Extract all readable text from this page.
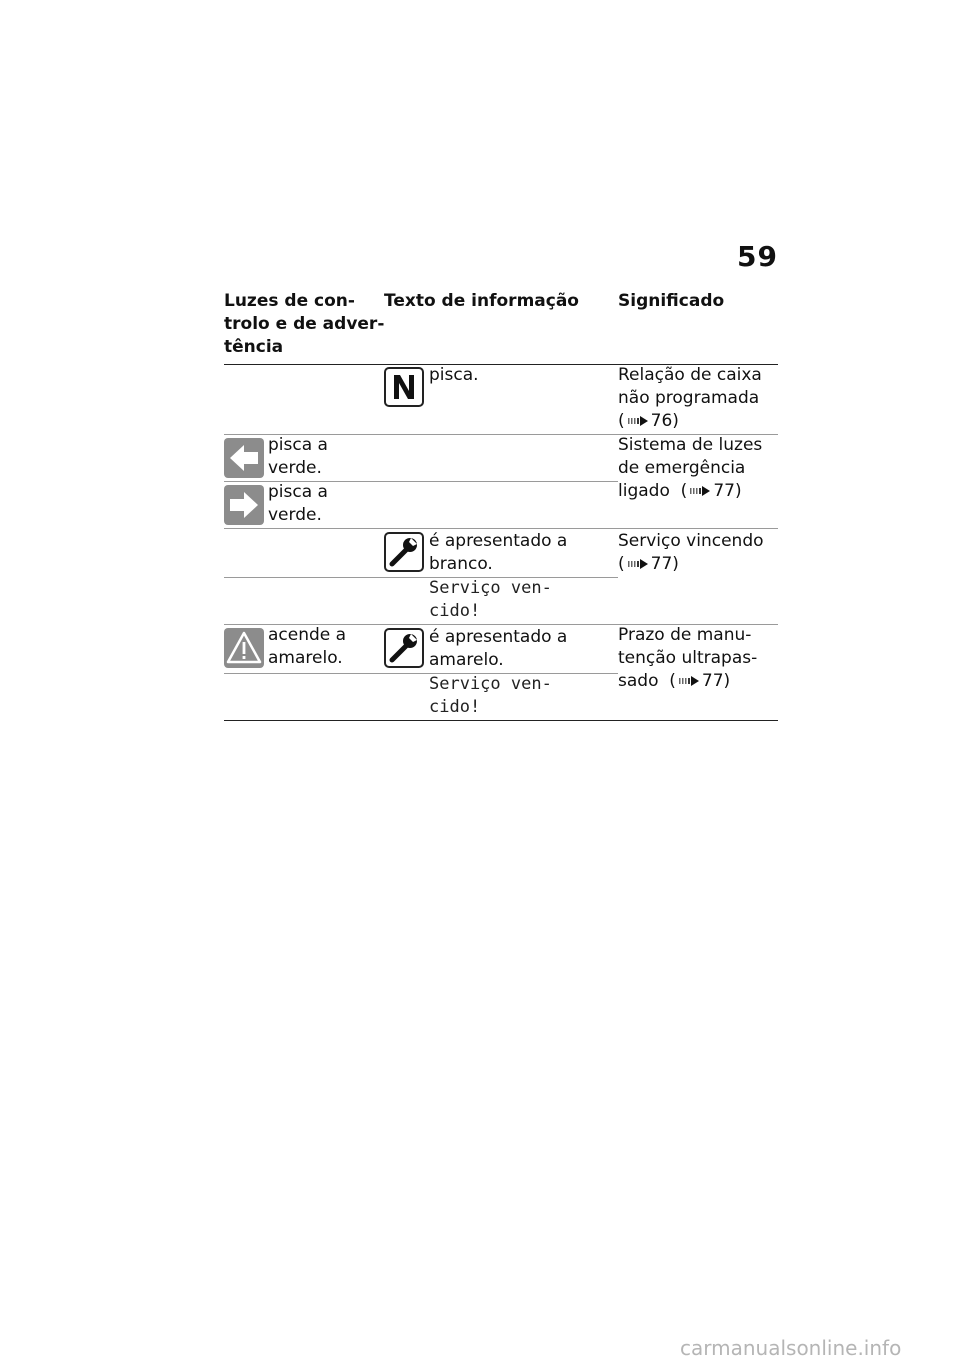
59
Luzes de con-
trolo e de adver-
tência
Texto de informação Significado
pisca.	Relação de caixa
não programada
( 76)
pisca a
verde.
pisca a
verde.
Sistema de luzes
de emergência
ligado ( 77)
é apresentado a
branco.
Serviço ven-
cido!
Serviço vincendo
( 77)
acende a
amarelo.
é apresentado a
amarelo.
Serviço ven-
cido!
Prazo de manu-
tenção ultrapas-
sado ( 77)
carmanualsonline.info
